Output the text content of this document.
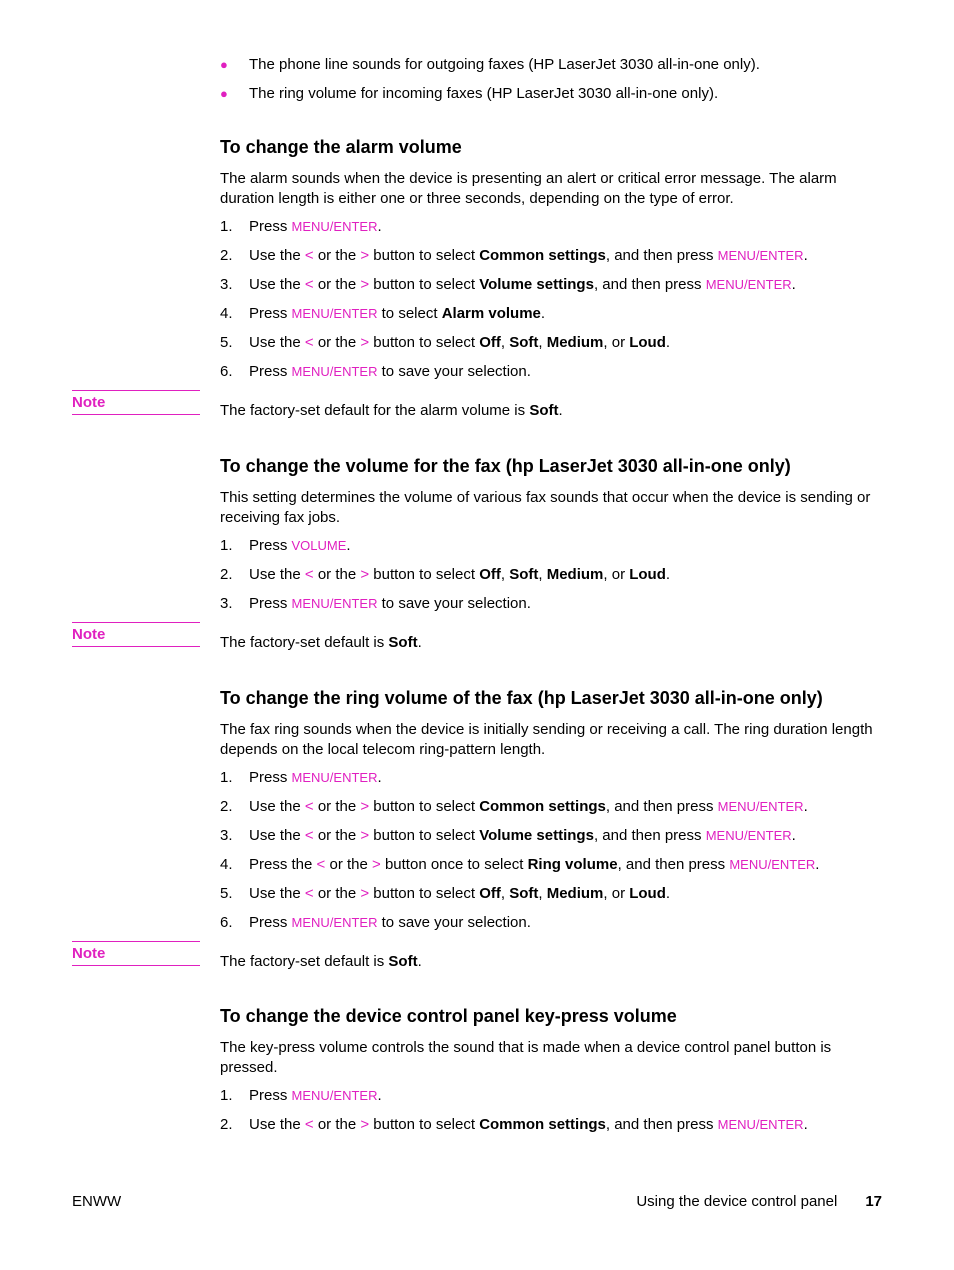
● The phone line sounds for outgoing faxes (HP LaserJet 3030 all-in-one only).
● The ring volume for incoming faxes (HP LaserJet 3030 all-in-one only).
To change the alarm volume

The alarm sounds when the device is presenting an alert or critical error message. The alarm duration length is either one or three seconds, depending on the type of error.

1. Press MENU/ENTER.
2. Use the < or the > button to select Common settings, and then press MENU/ENTER.
3. Use the < or the > button to select Volume settings, and then press MENU/ENTER.
4. Press MENU/ENTER to select Alarm volume.
5. Use the < or the > button to select Off, Soft, Medium, or Loud.
6. Press MENU/ENTER to save your selection.
Note	The factory-set default for the alarm volume is Soft.

To change the volume for the fax (hp LaserJet 3030 all-in-one only)

This setting determines the volume of various fax sounds that occur when the device is sending or receiving fax jobs.

1. Press VOLUME.
2. Use the < or the > button to select Off, Soft, Medium, or Loud.
3. Press MENU/ENTER to save your selection.
Note	The factory-set default is Soft.

To change the ring volume of the fax (hp LaserJet 3030 all-in-one only)

The fax ring sounds when the device is initially sending or receiving a call. The ring duration length depends on the local telecom ring-pattern length.

1. Press MENU/ENTER.
2. Use the < or the > button to select Common settings, and then press MENU/ENTER.
3. Use the < or the > button to select Volume settings, and then press MENU/ENTER.
4. Press the < or the > button once to select Ring volume, and then press MENU/ENTER.
5. Use the < or the > button to select Off, Soft, Medium, or Loud.
6. Press MENU/ENTER to save your selection.
Note	The factory-set default is Soft.

To change the device control panel key-press volume

The key-press volume controls the sound that is made when a device control panel button is pressed.

1. Press MENU/ENTER.
2. Use the < or the > button to select Common settings, and then press MENU/ENTER.
ENWW	Using the device control panel 17
